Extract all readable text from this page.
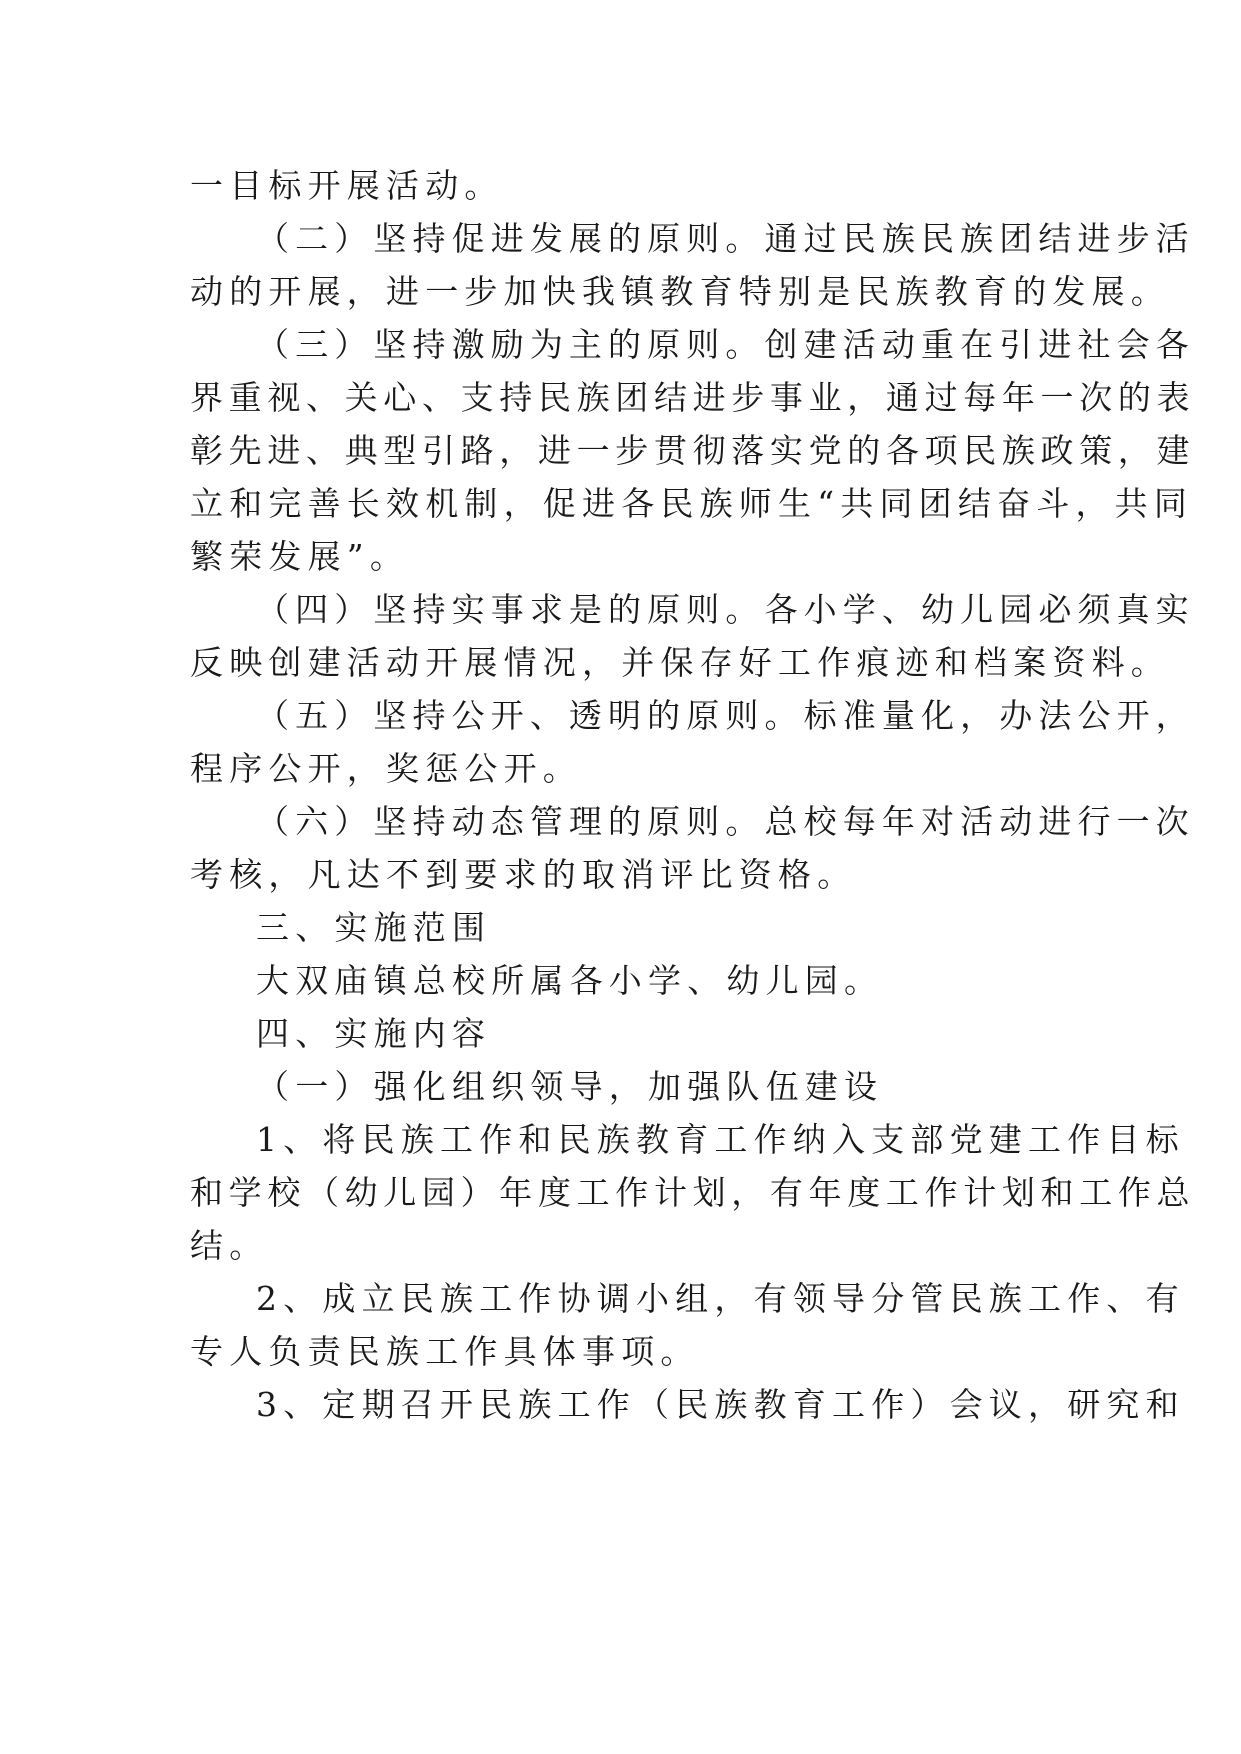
一目标开展活动。
（二）坚持促进发展的原则。通过民族民族团结进步活
动的开展，进一步加快我镇教育特别是民族教育的发展。
（三）坚持激励为主的原则。创建活动重在引进社会各
界重视、关心、支持民族团结进步事业，通过每年一次的表
彰先进、典型引路，进一步贯彻落实党的各项民族政策，建
立和完善长效机制，促进各民族师生“共同团结奋斗，共同
繁荣发展”。
（四）坚持实事求是的原则。各小学、幼儿园必须真实
反映创建活动开展情况，并保存好工作痕迹和档案资料。
（五）坚持公开、透明的原则。标准量化，办法公开，
程序公开，奖惩公开。
（六）坚持动态管理的原则。总校每年对活动进行一次
考核，凡达不到要求的取消评比资格。
三、实施范围
大双庙镇总校所属各小学、幼儿园。
四、实施内容
（一）强化组织领导，加强队伍建设
1、将民族工作和民族教育工作纳入支部党建工作目标
和学校（幼儿园）年度工作计划，有年度工作计划和工作总
结。
2、成立民族工作协调小组，有领导分管民族工作、有
专人负责民族工作具体事项。
3、定期召开民族工作（民族教育工作）会议，研究和
